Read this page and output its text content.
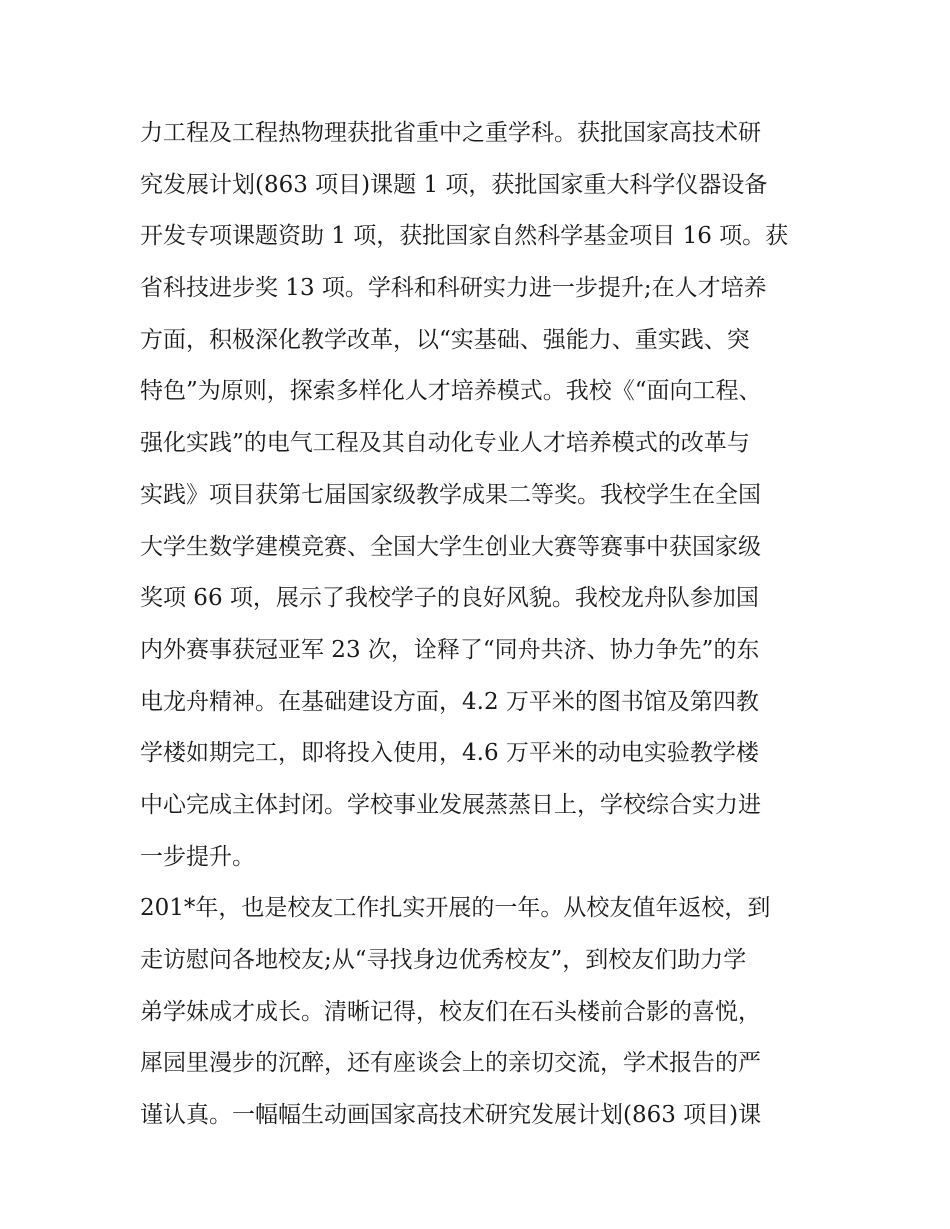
力工程及工程热物理获批省重中之重学科。获批国家高技术研
究发展计划(863 项目)课题 1 项，获批国家重大科学仪器设备
开发专项课题资助 1 项，获批国家自然科学基金项目 16 项。获
省科技进步奖 13 项。学科和科研实力进一步提升;在人才培养
方面，积极深化教学改革，以“实基础、强能力、重实践、突
特色”为原则，探索多样化人才培养模式。我校《“面向工程、
强化实践”的电气工程及其自动化专业人才培养模式的改革与
实践》项目获第七届国家级教学成果二等奖。我校学生在全国
大学生数学建模竞赛、全国大学生创业大赛等赛事中获国家级
奖项 66 项，展示了我校学子的良好风貌。我校龙舟队参加国
内外赛事获冠亚军 23 次，诠释了“同舟共济、协力争先”的东
电龙舟精神。在基础建设方面，4.2 万平米的图书馆及第四教
学楼如期完工，即将投入使用，4.6 万平米的动电实验教学楼
中心完成主体封闭。学校事业发展蒸蒸日上，学校综合实力进
一步提升。
201*年，也是校友工作扎实开展的一年。从校友值年返校，到
走访慰问各地校友;从“寻找身边优秀校友”，到校友们助力学
弟学妹成才成长。清晰记得，校友们在石头楼前合影的喜悦，
犀园里漫步的沉醉，还有座谈会上的亲切交流，学术报告的严
谨认真。一幅幅生动画国家高技术研究发展计划(863 项目)课
